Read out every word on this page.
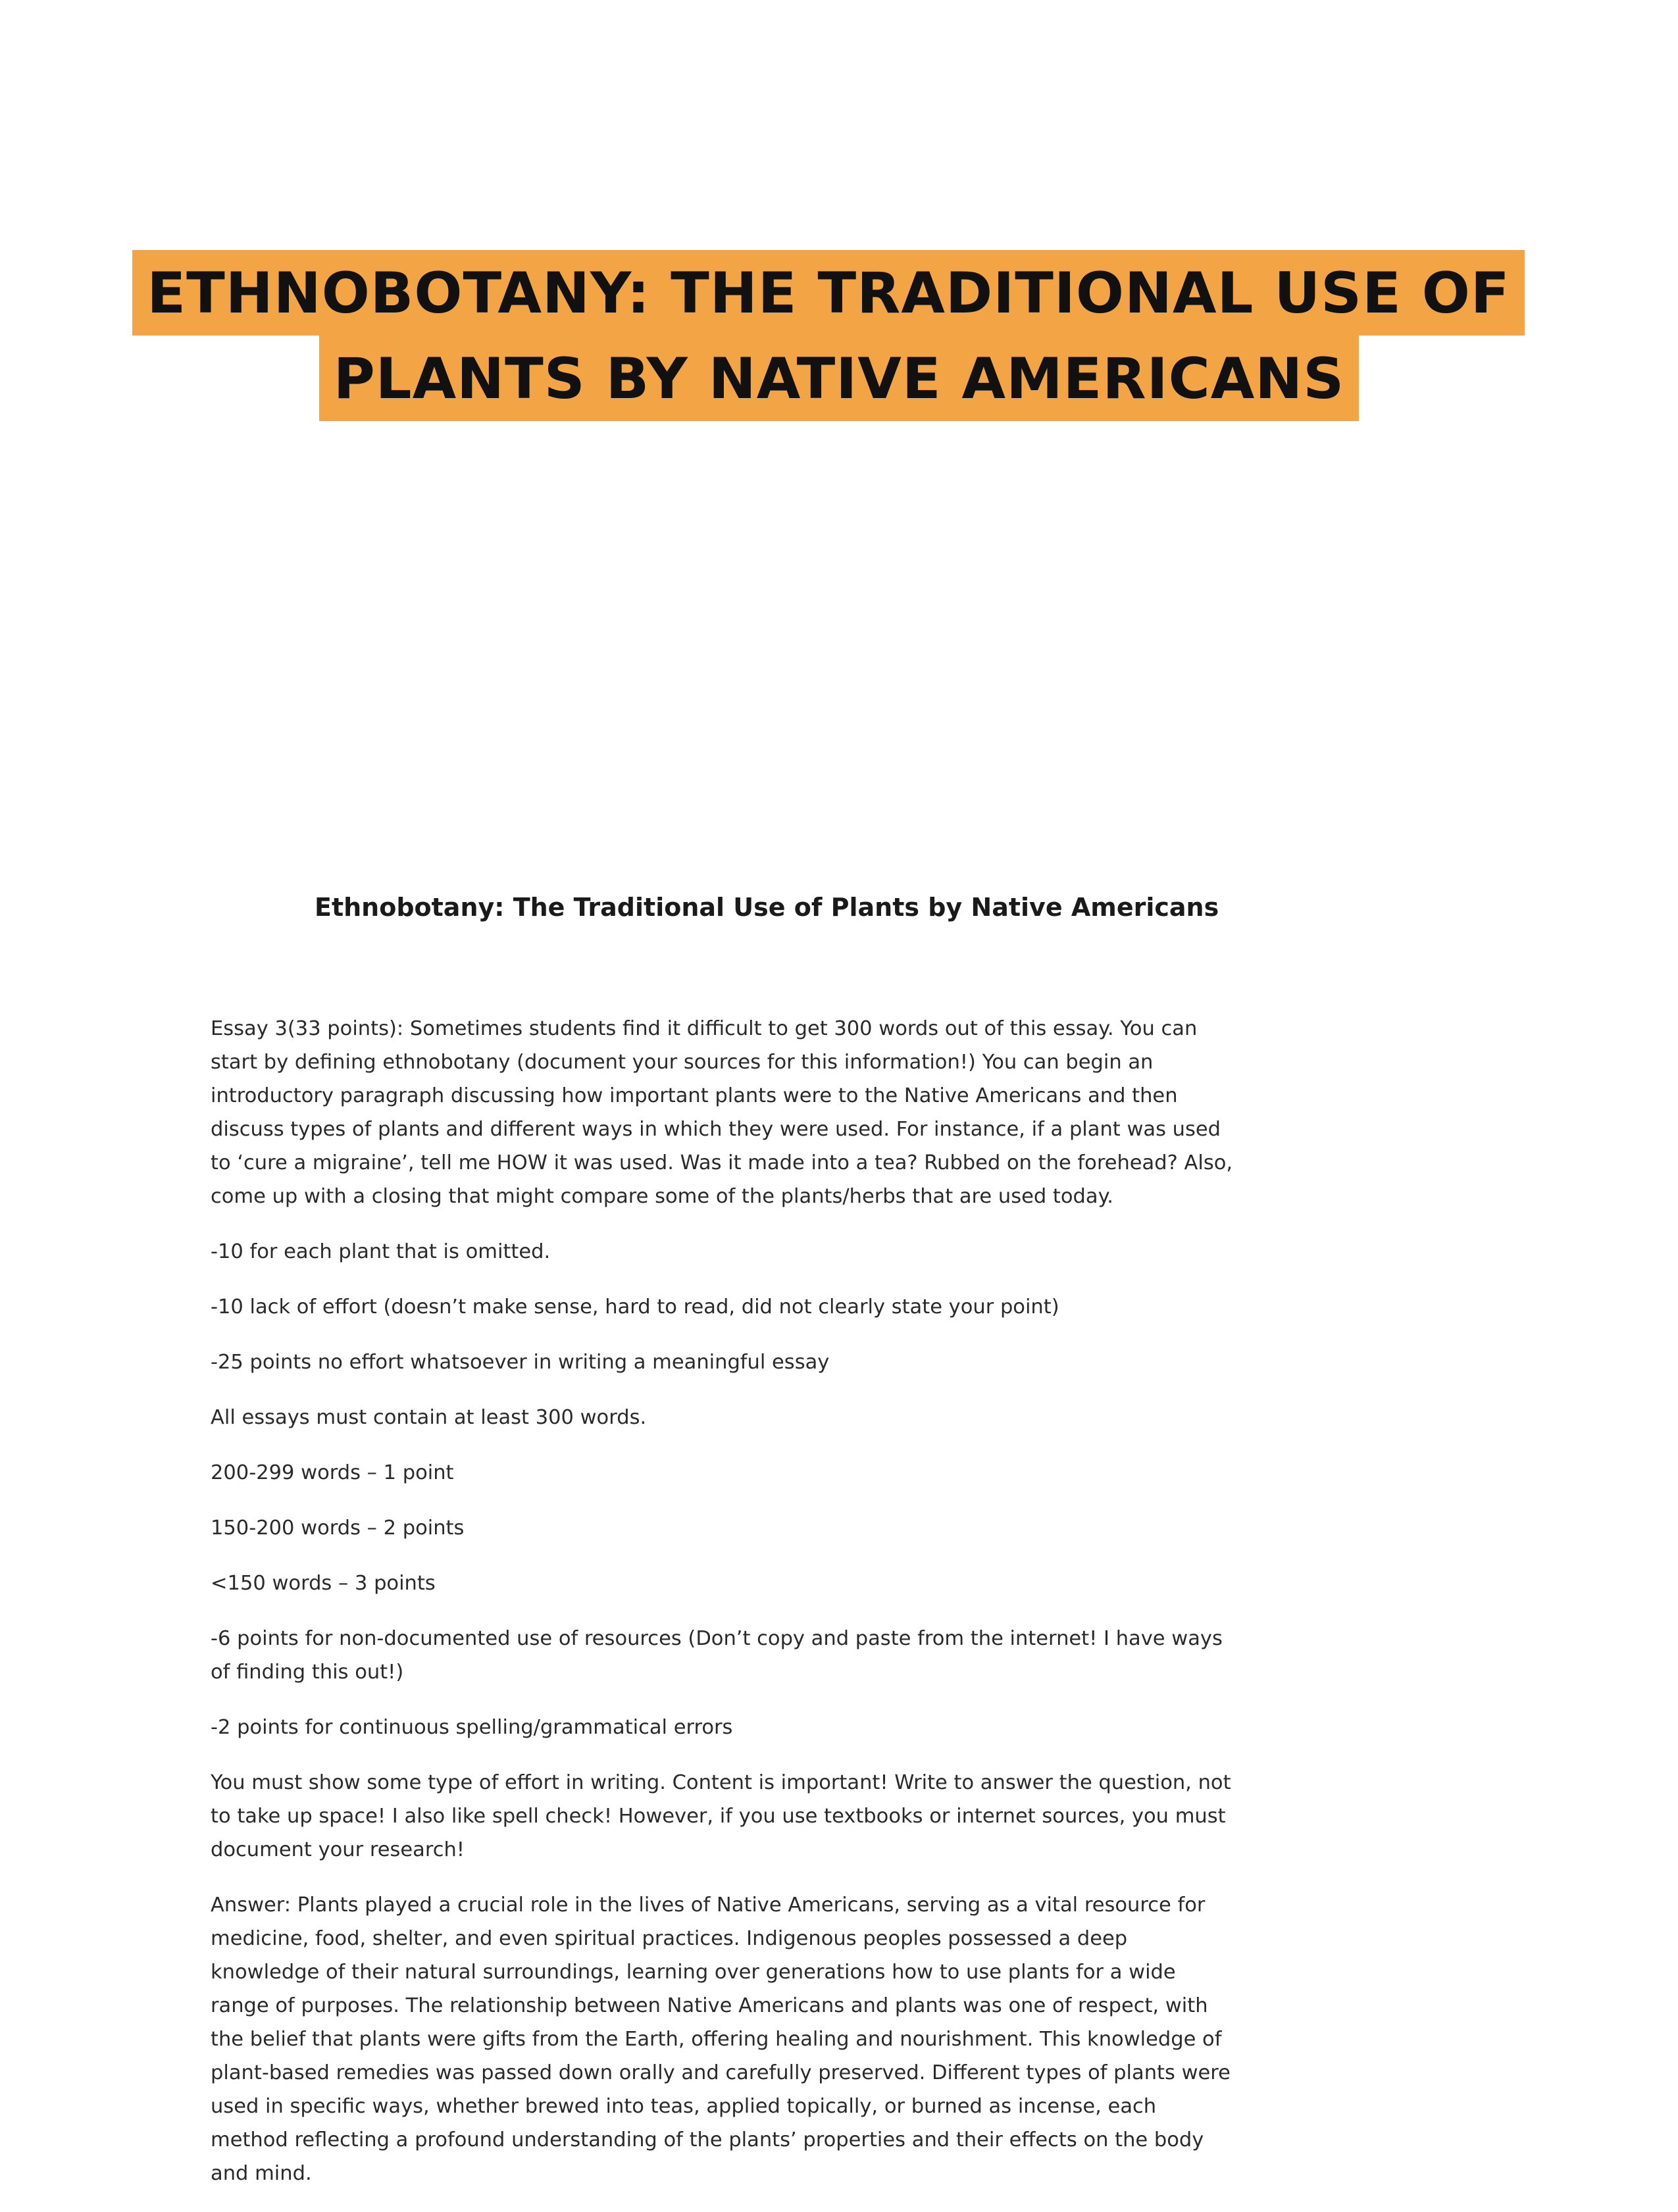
ETHNOBOTANY: THE TRADITIONAL USE OF
PLANTS BY NATIVE AMERICANS
Ethnobotany: The Traditional Use of Plants by Native Americans

Essay 3(33 points): Sometimes students find it difficult to get 300 words out of this essay. You can start by defining ethnobotany (document your sources for this information!) You can begin an introductory paragraph discussing how important plants were to the Native Americans and then discuss types of plants and different ways in which they were used. For instance, if a plant was used to ‘cure a migraine’, tell me HOW it was used. Was it made into a tea? Rubbed on the forehead? Also, come up with a closing that might compare some of the plants/herbs that are used today.

-10 for each plant that is omitted.

-10 lack of effort (doesn’t make sense, hard to read, did not clearly state your point)

-25 points no effort whatsoever in writing a meaningful essay

All essays must contain at least 300 words.

200-299 words – 1 point

150-200 words – 2 points

<150 words – 3 points

-6 points for non-documented use of resources (Don’t copy and paste from the internet! I have ways of finding this out!)

-2 points for continuous spelling/grammatical errors

You must show some type of effort in writing. Content is important! Write to answer the question, not to take up space! I also like spell check! However, if you use textbooks or internet sources, you must document your research!

Answer: Plants played a crucial role in the lives of Native Americans, serving as a vital resource for medicine, food, shelter, and even spiritual practices. Indigenous peoples possessed a deep knowledge of their natural surroundings, learning over generations how to use plants for a wide range of purposes. The relationship between Native Americans and plants was one of respect, with the belief that plants were gifts from the Earth, offering healing and nourishment. This knowledge of plant-based remedies was passed down orally and carefully preserved. Different types of plants were used in specific ways, whether brewed into teas, applied topically, or burned as incense, each method reflecting a profound understanding of the plants’ properties and their effects on the body and mind.
